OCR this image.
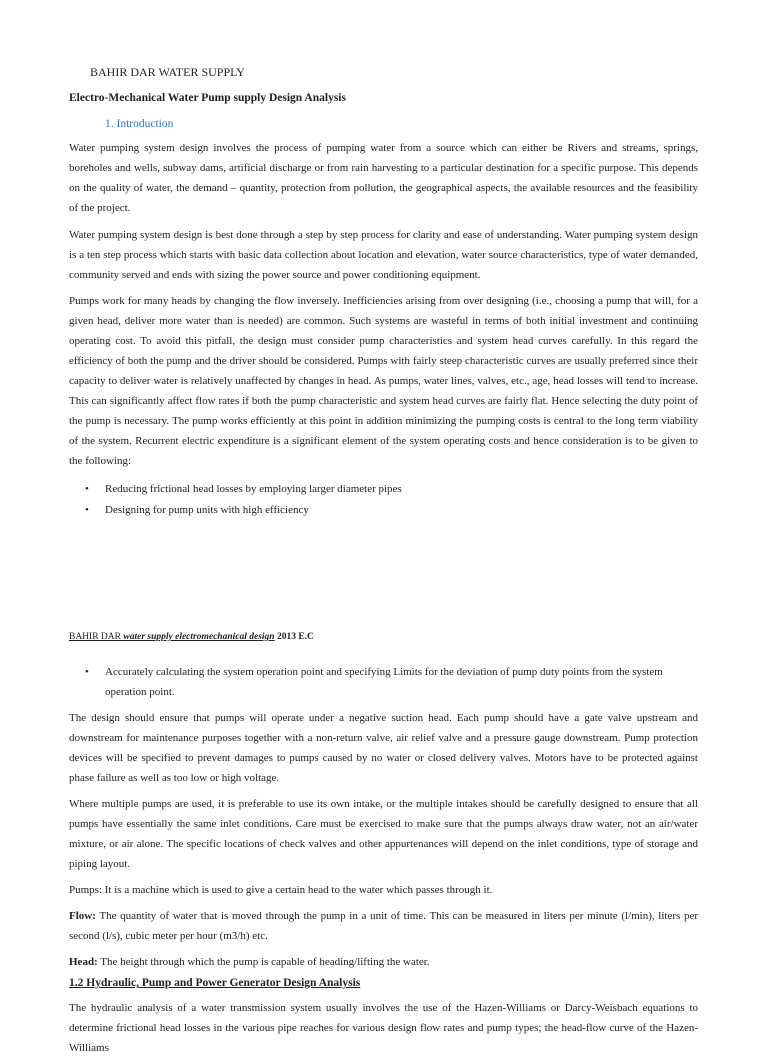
BAHIR DAR WATER SUPPLY

Electro-Mechanical Water Pump supply Design Analysis

1. Introduction

Water pumping system design involves the process of pumping water from a source which can either be Rivers and streams, springs, boreholes and wells, subway dams, artificial discharge or from rain harvesting to a particular destination for a specific purpose. This depends on the quality of water, the demand – quantity, protection from pollution, the geographical aspects, the available resources and the feasibility of the project.

Water pumping system design is best done through a step by step process for clarity and ease of understanding. Water pumping system design is a ten step process which starts with basic data collection about location and elevation, water source characteristics, type of water demanded, community served and ends with sizing the power source and power conditioning equipment.

Pumps work for many heads by changing the flow inversely. Inefficiencies arising from over designing (i.e., choosing a pump that will, for a given head, deliver more water than is needed) are common. Such systems are wasteful in terms of both initial investment and continuing operating cost. To avoid this pitfall, the design must consider pump characteristics and system head curves carefully. In this regard the efficiency of both the pump and the driver should be considered. Pumps with fairly steep characteristic curves are usually preferred since their capacity to deliver water is relatively unaffected by changes in head. As pumps, water lines, valves, etc., age, head losses will tend to increase. This can significantly affect flow rates if both the pump characteristic and system head curves are fairly flat. Hence selecting the duty point of the pump is necessary. The pump works efficiently at this point in addition minimizing the pumping costs is central to the long term viability of the system. Recurrent electric expenditure is a significant element of the system operating costs and hence consideration is to be given to the following:

•	Reducing frictional head losses by employing larger diameter pipes
•	Designing for pump units with high efficiency

BAHIR DAR water supply electromechanical design 2013 E.C

•	Accurately calculating the system operation point and specifying Limits for the deviation of pump duty points from the system operation point.

The design should ensure that pumps will operate under a negative suction head. Each pump should have a gate valve upstream and downstream for maintenance purposes together with a non-return valve, air relief valve and a pressure gauge downstream. Pump protection devices will be specified to prevent damages to pumps caused by no water or closed delivery valves. Motors have to be protected against phase failure as well as too low or high voltage.

Where multiple pumps are used, it is preferable to use its own intake, or the multiple intakes should be carefully designed to ensure that all pumps have essentially the same inlet conditions. Care must be exercised to make sure that the pumps always draw water, not an air/water mixture, or air alone. The specific locations of check valves and other appurtenances will depend on the inlet conditions, type of storage and piping layout.

Pumps: It is a machine which is used to give a certain head to the water which passes through it.

Flow: The quantity of water that is moved through the pump in a unit of time. This can be measured in liters per minute (l/min), liters per second (l/s), cubic meter per hour (m3/h) etc.

Head: The height through which the pump is capable of heading/lifting the water.

1.2 Hydraulic, Pump and Power Generator Design Analysis

The hydraulic analysis of a water transmission system usually involves the use of the Hazen-Williams or Darcy-Weisbach equations to determine frictional head losses in the various pipe reaches for various design flow rates and pump types; the head-flow curve of the Hazen-Williams
